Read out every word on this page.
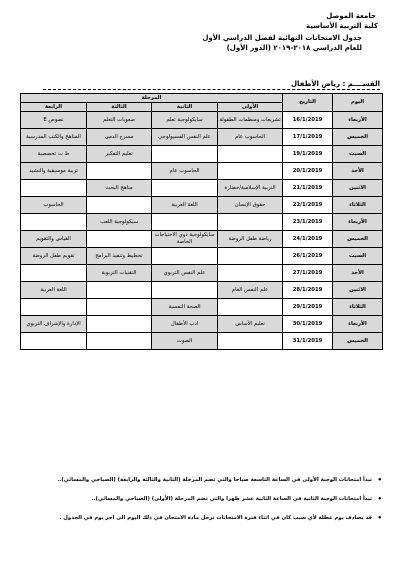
جامعة الموصل
كلية التربية الأساسية
جدول الامتحانات النهائية لفصل الدراسي الأول
للعام الدراسي ٢٠١٨-٢٠١٩ (الدور الأول)
القســــم : رياض الأطفال
اليوم	التاريخ	المرحلة			
		الأولى	الثانية	الثالثة	الرابعة
الأربعاء	16/1/2019	تشريعات ومنظمات الطفولة	سايكولوجية تعلم	صعوبات التعلم	نصوص E
الخميس	17/1/2019	الحاسوب عام	علم النفس الفسيولوجي	مسرح الدمى	المناهج والكتب المدرسية
السبت	19/1/2019			تعليم التفكير	ط ت تخصصية
الأحد	20/1/2019		الحاسوب عام		تربية موسيقية والنشيد
الاثنين	21/1/2019	التربية الإسلامية/حضارة		مناهج البحث	
الثلاثاء	22/1/2019	حقوق الإنسان	اللغة العربية		الحاسوب
الأربعاء	23/1/2019			سيكولوجية اللعب	
الخميس	24/1/2019	رياضة طفل الروضة	سايكولوجية ذوي الاحتياجات الخاصة		القياس والتقويم
السبت	26/1/2019			تخطيط وتنفيذ البرامج	تقويم طفل الروضة
الأحد	27/1/2019		علم النفس التربوي	التقنيات التربوية	
الاثنين	28/1/2019	علم النفس العام			اللغة العربية
الثلاثاء	29/1/2019		الصحة النفسية		
الأربعاء	30/1/2019	تعليم الأساس	ادب الأطفال		الإدارة والإشراف التربوي
الخميس	31/1/2019		الصوت		
•
تبدأ امتحانات الوجبة الأولى في الساعة التاسعة صباحا والتي تضم المرحلة (الثانية والثالثة والرابعة) (الصباحي والمسائي)..
•
تبدأ امتحانات الوجبة الثانية في الساعة الثانية عشر ظهرا والتي تضم المرحلة (الأولى) (الصباحي والمسائي)..
•
قد يصادف يوم عطلة لأي سبب كان في اثناء فترة الامتحانات ترحل مادة الامتحان في ذلك اليوم الى اخر يوم في الجدول .
